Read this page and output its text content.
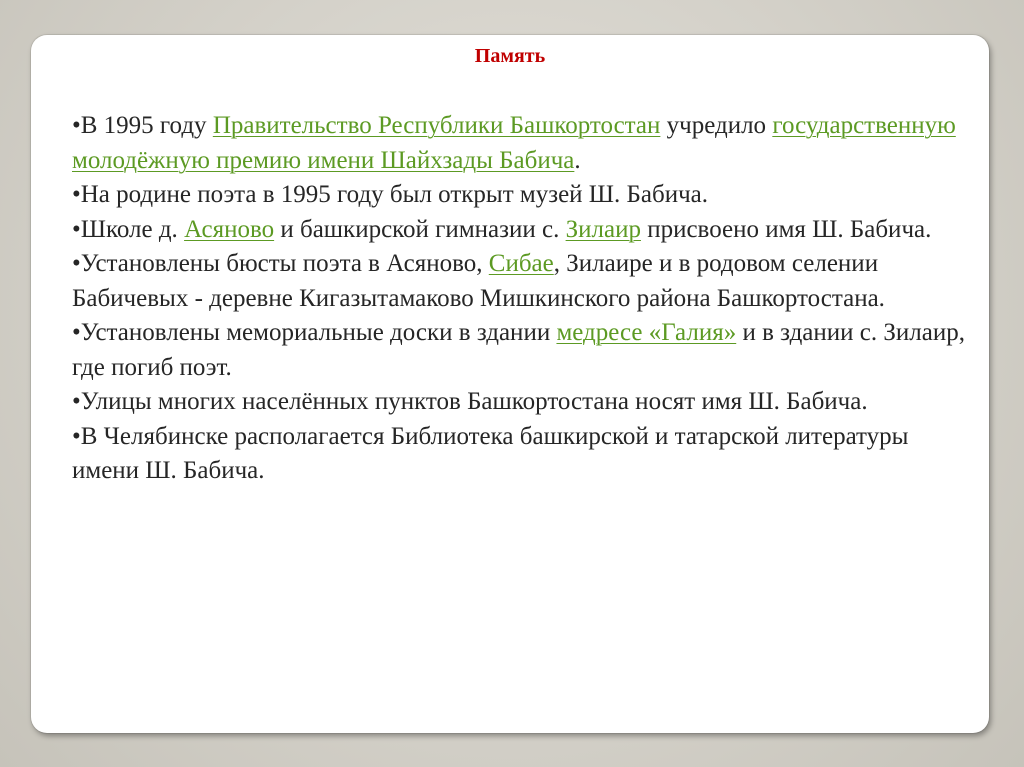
Память
•В 1995 году Правительство Республики Башкортостан учредило государственную молодёжную премию имени Шайхзады Бабича.
•На родине поэта в 1995 году был открыт музей Ш. Бабича.
•Школе д. Асяново и башкирской гимназии с. Зилаир присвоено имя Ш. Бабича.
•Установлены бюсты поэта в Асяново, Сибае, Зилаире и в родовом селении Бабичевых - деревне Кигазытамаково Мишкинского района Башкортостана.
•Установлены мемориальные доски в здании медресе «Галия» и в здании с. Зилаир, где погиб поэт.
•Улицы многих населённых пунктов Башкортостана носят имя Ш. Бабича.
•В Челябинске располагается Библиотека башкирской и татарской литературы имени Ш. Бабича.
